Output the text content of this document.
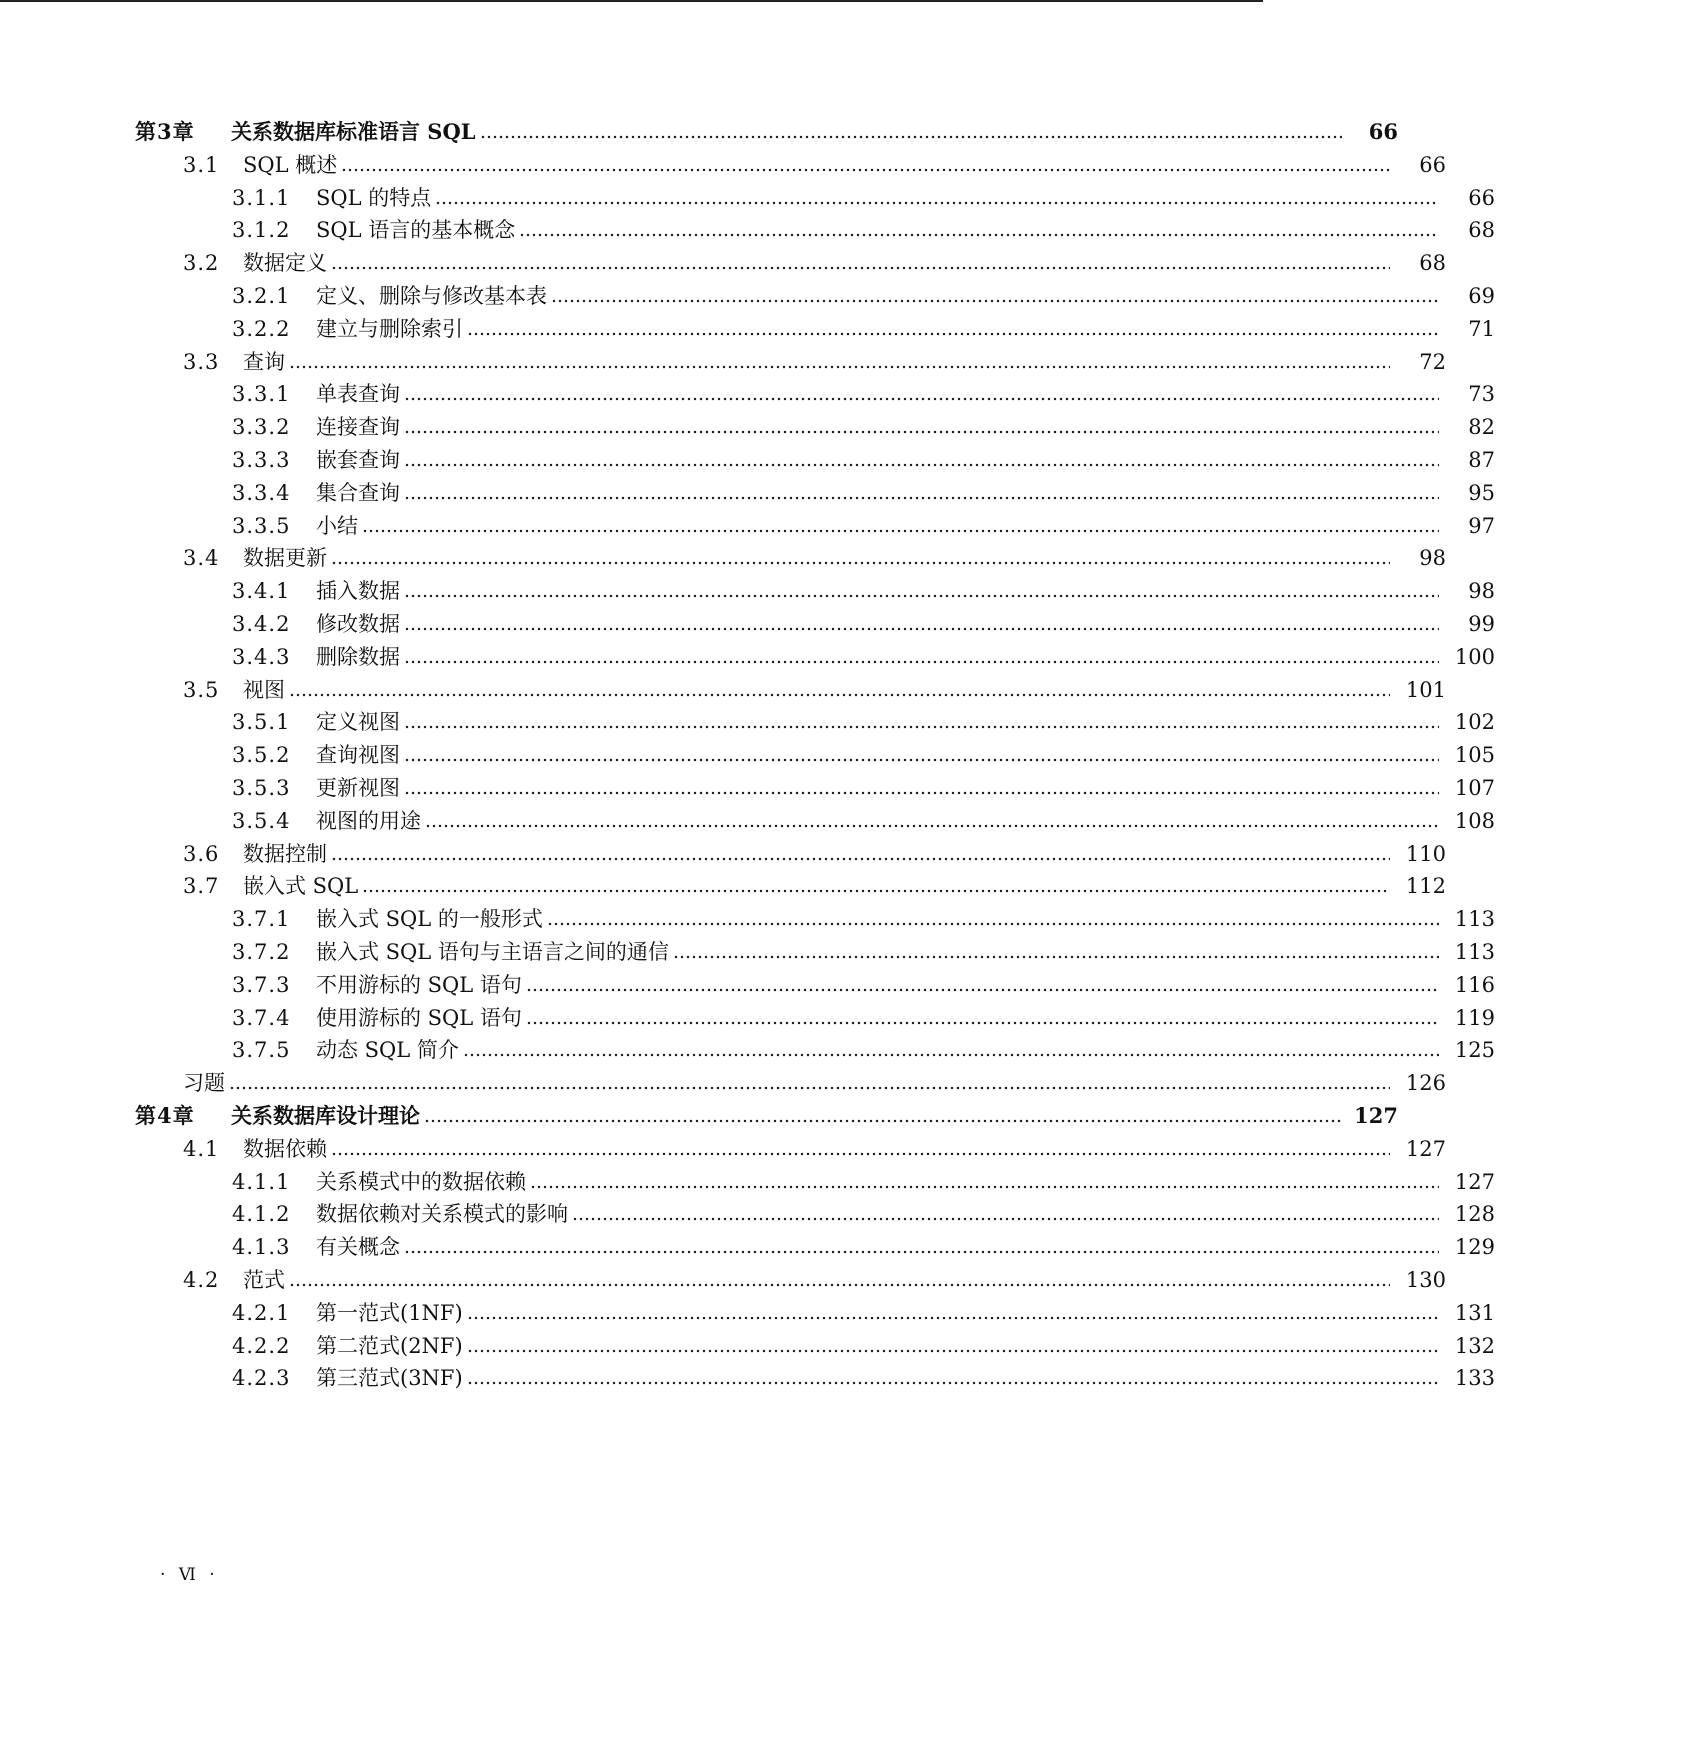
第3章	关系数据库标准语言 SQL	66
3.1	SQL 概述	66
3.1.1	SQL 的特点	66
3.1.2	SQL 语言的基本概念	68
3.2	数据定义	68
3.2.1	定义、删除与修改基本表	69
3.2.2	建立与删除索引	71
3.3	查询	72
3.3.1	单表查询	73
3.3.2	连接查询	82
3.3.3	嵌套查询	87
3.3.4	集合查询	95
3.3.5	小结	97
3.4	数据更新	98
3.4.1	插入数据	98
3.4.2	修改数据	99
3.4.3	删除数据	100
3.5	视图	101
3.5.1	定义视图	102
3.5.2	查询视图	105
3.5.3	更新视图	107
3.5.4	视图的用途	108
3.6	数据控制	110
3.7	嵌入式 SQL	112
3.7.1	嵌入式 SQL 的一般形式	113
3.7.2	嵌入式 SQL 语句与主语言之间的通信	113
3.7.3	不用游标的 SQL 语句	116
3.7.4	使用游标的 SQL 语句	119
3.7.5	动态 SQL 简介	125
习题	126
第4章	关系数据库设计理论	127
4.1	数据依赖	127
4.1.1	关系模式中的数据依赖	127
4.1.2	数据依赖对关系模式的影响	128
4.1.3	有关概念	129
4.2	范式	130
4.2.1	第一范式(1NF)	131
4.2.2	第二范式(2NF)	132
4.2.3	第三范式(3NF)	133
· Ⅵ ·
